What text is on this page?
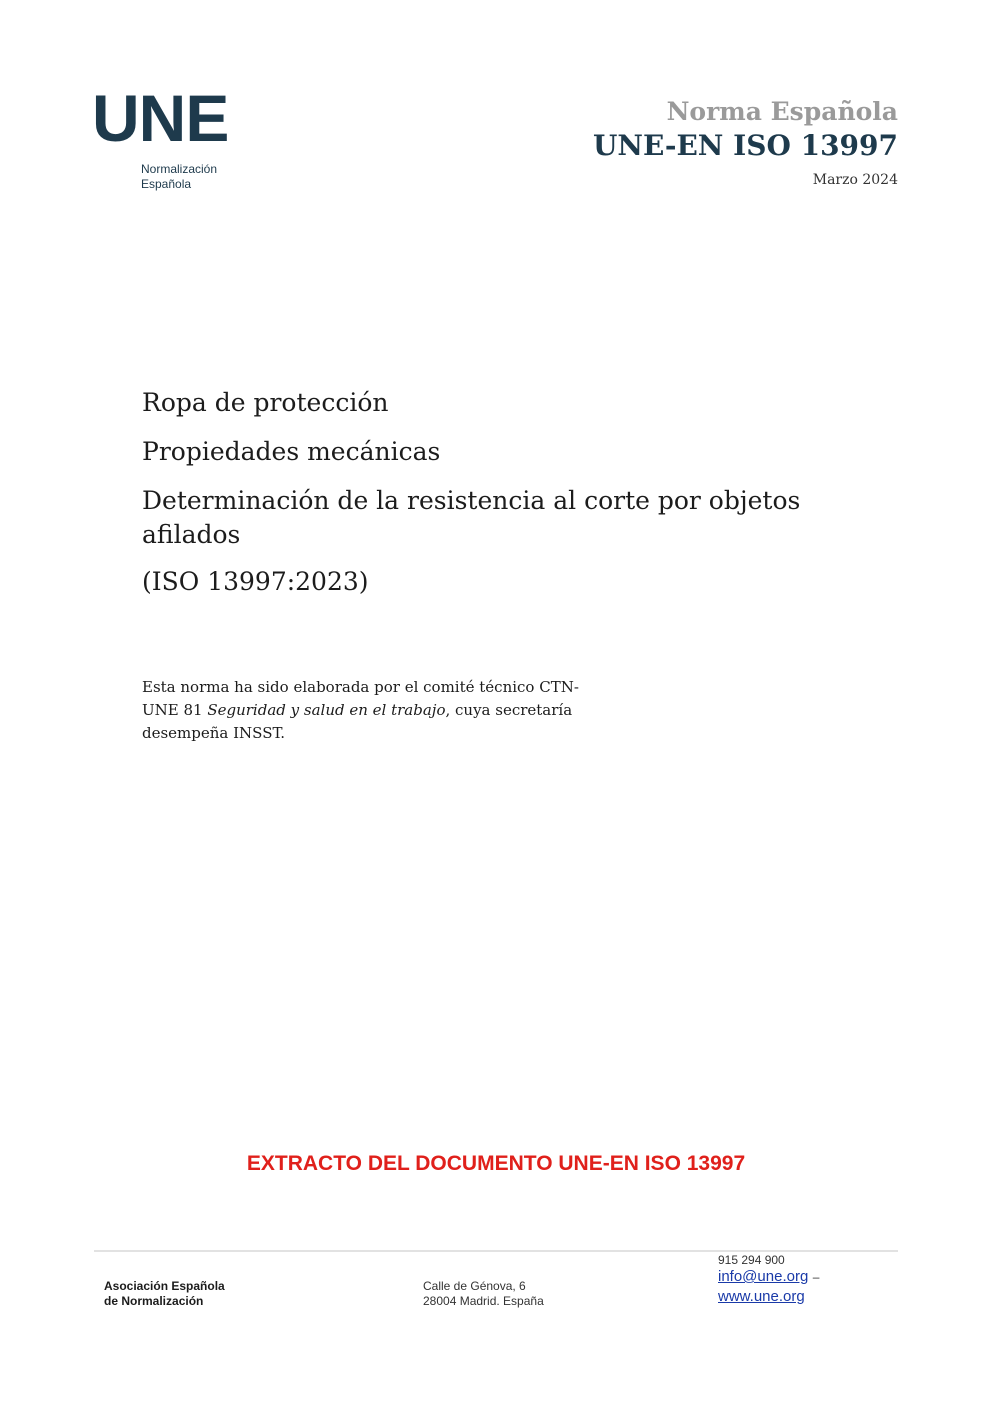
UNE
Normalización
Española
Norma Española
UNE-EN ISO 13997
Marzo 2024

Ropa de protección

Propiedades mecánicas

Determinación de la resistencia al corte por objetos afilados

(ISO 13997:2023)

Esta norma ha sido elaborada por el comité técnico CTN-UNE 81 Seguridad y salud en el trabajo, cuya secretaría desempeña INSST.
EXTRACTO DEL DOCUMENTO UNE-EN ISO 13997
Asociación Española
de Normalización
Calle de Génova, 6
28004 Madrid. España
915 294 900
info@une.org –
www.une.org
